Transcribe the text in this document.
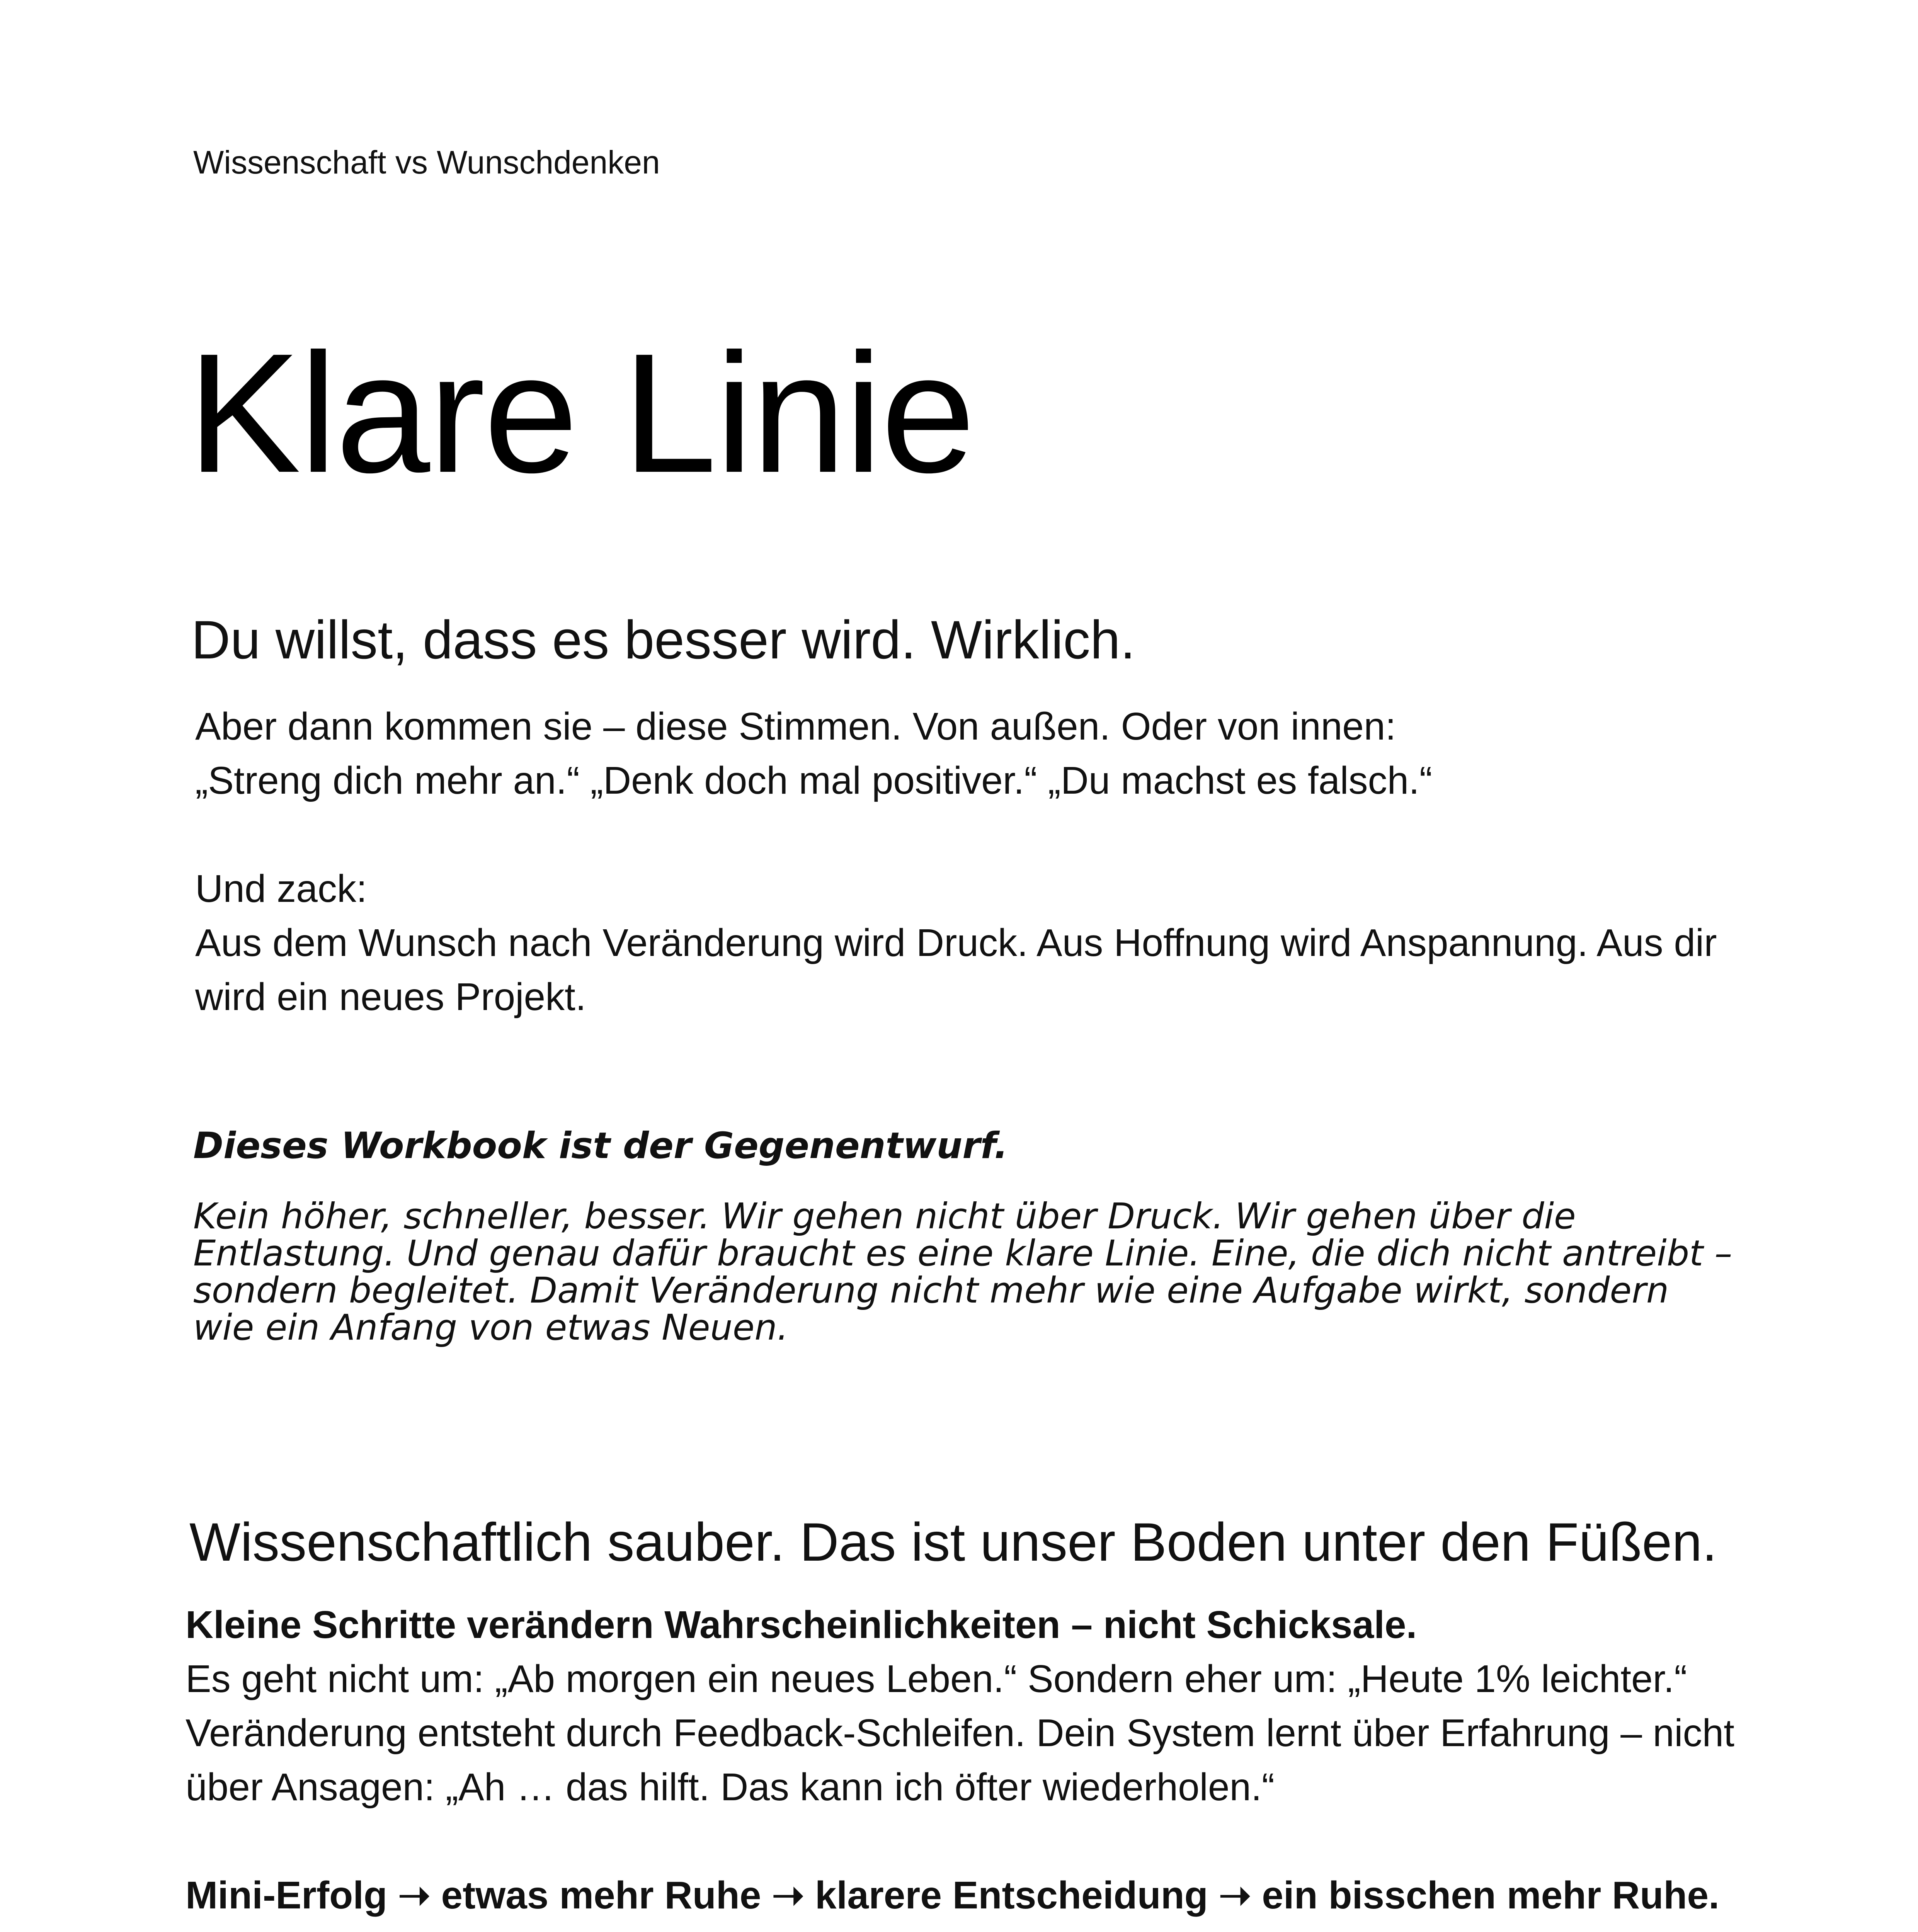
Wissenschaft vs Wunschdenken
Klare Linie
Du willst, dass es besser wird. Wirklich.

Aber dann kommen sie – diese Stimmen. Von außen. Oder von innen:

„Streng dich mehr an.“ „Denk doch mal positiver.“ „Du machst es falsch.“

Und zack:

Aus dem Wunsch nach Veränderung wird Druck. Aus Hoffnung wird Anspannung. Aus dir wird ein neues Projekt.

Dieses Workbook ist der Gegenentwurf.
Kein höher, schneller, besser. Wir gehen nicht über Druck. Wir gehen über die Entlastung. Und genau dafür braucht es eine klare Linie. Eine, die dich nicht antreibt – sondern begleitet. Damit Veränderung nicht mehr wie eine Aufgabe wirkt, sondern wie ein Anfang von etwas Neuen.
Wissenschaftlich sauber. Das ist unser Boden unter den Füßen.

Kleine Schritte verändern Wahrscheinlichkeiten – nicht Schicksale.

Es geht nicht um: „Ab morgen ein neues Leben.“ Sondern eher um: „Heute 1% leichter.“ Veränderung entsteht durch Feedback-Schleifen. Dein System lernt über Erfahrung – nicht über Ansagen: „Ah … das hilft. Das kann ich öfter wiederholen.“

Mini-Erfolg ➝ etwas mehr Ruhe ➝ klarere Entscheidung ➝ ein bisschen mehr Ruhe.
